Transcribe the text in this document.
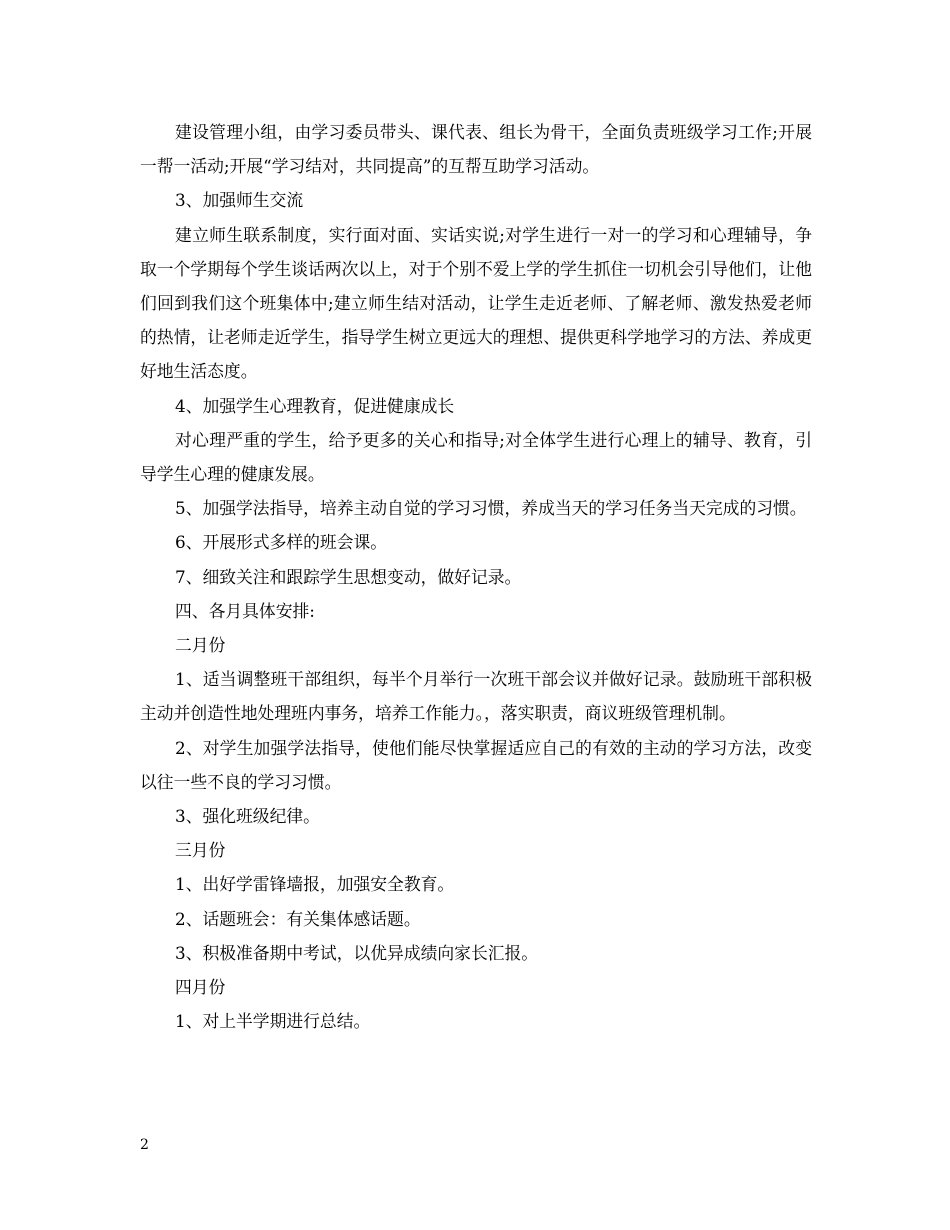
建设管理小组，由学习委员带头、课代表、组长为骨干，全面负责班级学习工作;开展一帮一活动;开展“学习结对，共同提高”的互帮互助学习活动。

3、加强师生交流

建立师生联系制度，实行面对面、实话实说;对学生进行一对一的学习和心理辅导，争取一个学期每个学生谈话两次以上，对于个别不爱上学的学生抓住一切机会引导他们，让他们回到我们这个班集体中;建立师生结对活动，让学生走近老师、了解老师、激发热爱老师的热情，让老师走近学生，指导学生树立更远大的理想、提供更科学地学习的方法、养成更好地生活态度。

4、加强学生心理教育，促进健康成长

对心理严重的学生，给予更多的关心和指导;对全体学生进行心理上的辅导、教育，引导学生心理的健康发展。

5、加强学法指导，培养主动自觉的学习习惯，养成当天的学习任务当天完成的习惯。

6、开展形式多样的班会课。

7、细致关注和跟踪学生思想变动，做好记录。

四、各月具体安排:

二月份

1、适当调整班干部组织，每半个月举行一次班干部会议并做好记录。鼓励班干部积极主动并创造性地处理班内事务，培养工作能力。，落实职责，商议班级管理机制。

2、对学生加强学法指导，使他们能尽快掌握适应自己的有效的主动的学习方法，改变以往一些不良的学习习惯。

3、强化班级纪律。

三月份

1、出好学雷锋墙报，加强安全教育。

2、话题班会：有关集体感话题。

3、积极准备期中考试，以优异成绩向家长汇报。

四月份

1、对上半学期进行总结。

2
